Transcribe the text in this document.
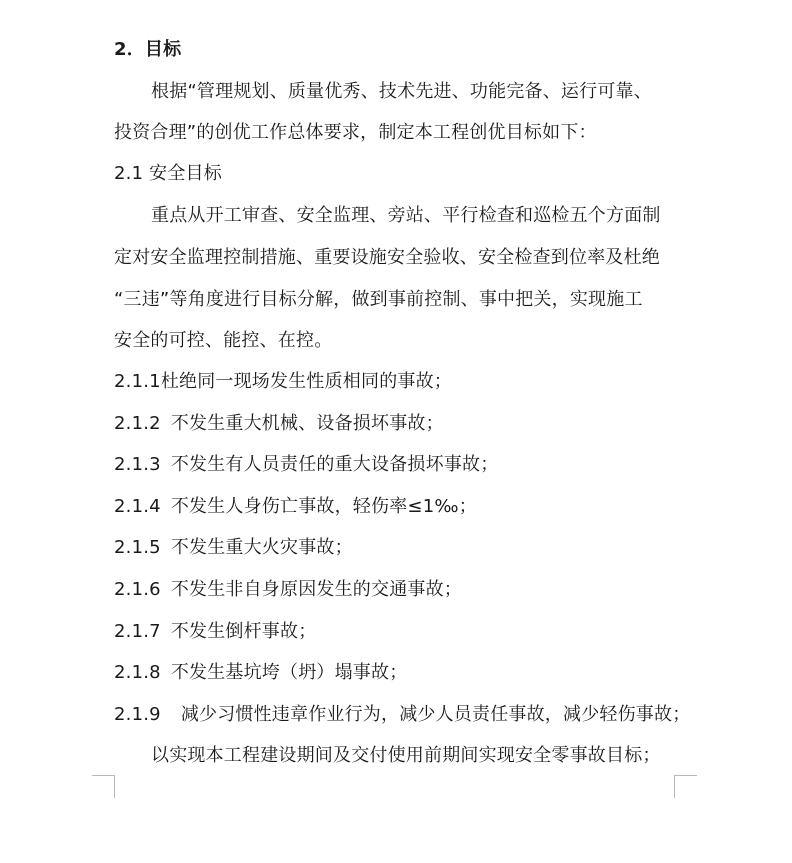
2．目标
根据“管理规划、质量优秀、技术先进、功能完备、运行可靠、
投资合理”的创优工作总体要求，制定本工程创优目标如下：
2.1 安全目标
重点从开工审查、安全监理、旁站、平行检查和巡检五个方面制
定对安全监理控制措施、重要设施安全验收、安全检查到位率及杜绝
“三违”等角度进行目标分解，做到事前控制、事中把关，实现施工
安全的可控、能控、在控。
2.1.1杜绝同一现场发生性质相同的事故；
2.1.2 不发生重大机械、设备损坏事故；
2.1.3 不发生有人员责任的重大设备损坏事故；
2.1.4 不发生人身伤亡事故，轻伤率≤1‰；
2.1.5 不发生重大火灾事故；
2.1.6 不发生非自身原因发生的交通事故；
2.1.7 不发生倒杆事故；
2.1.8 不发生基坑垮（坍）塌事故；
2.1.9 减少习惯性违章作业行为，减少人员责任事故，减少轻伤事故；
以实现本工程建设期间及交付使用前期间实现安全零事故目标；
